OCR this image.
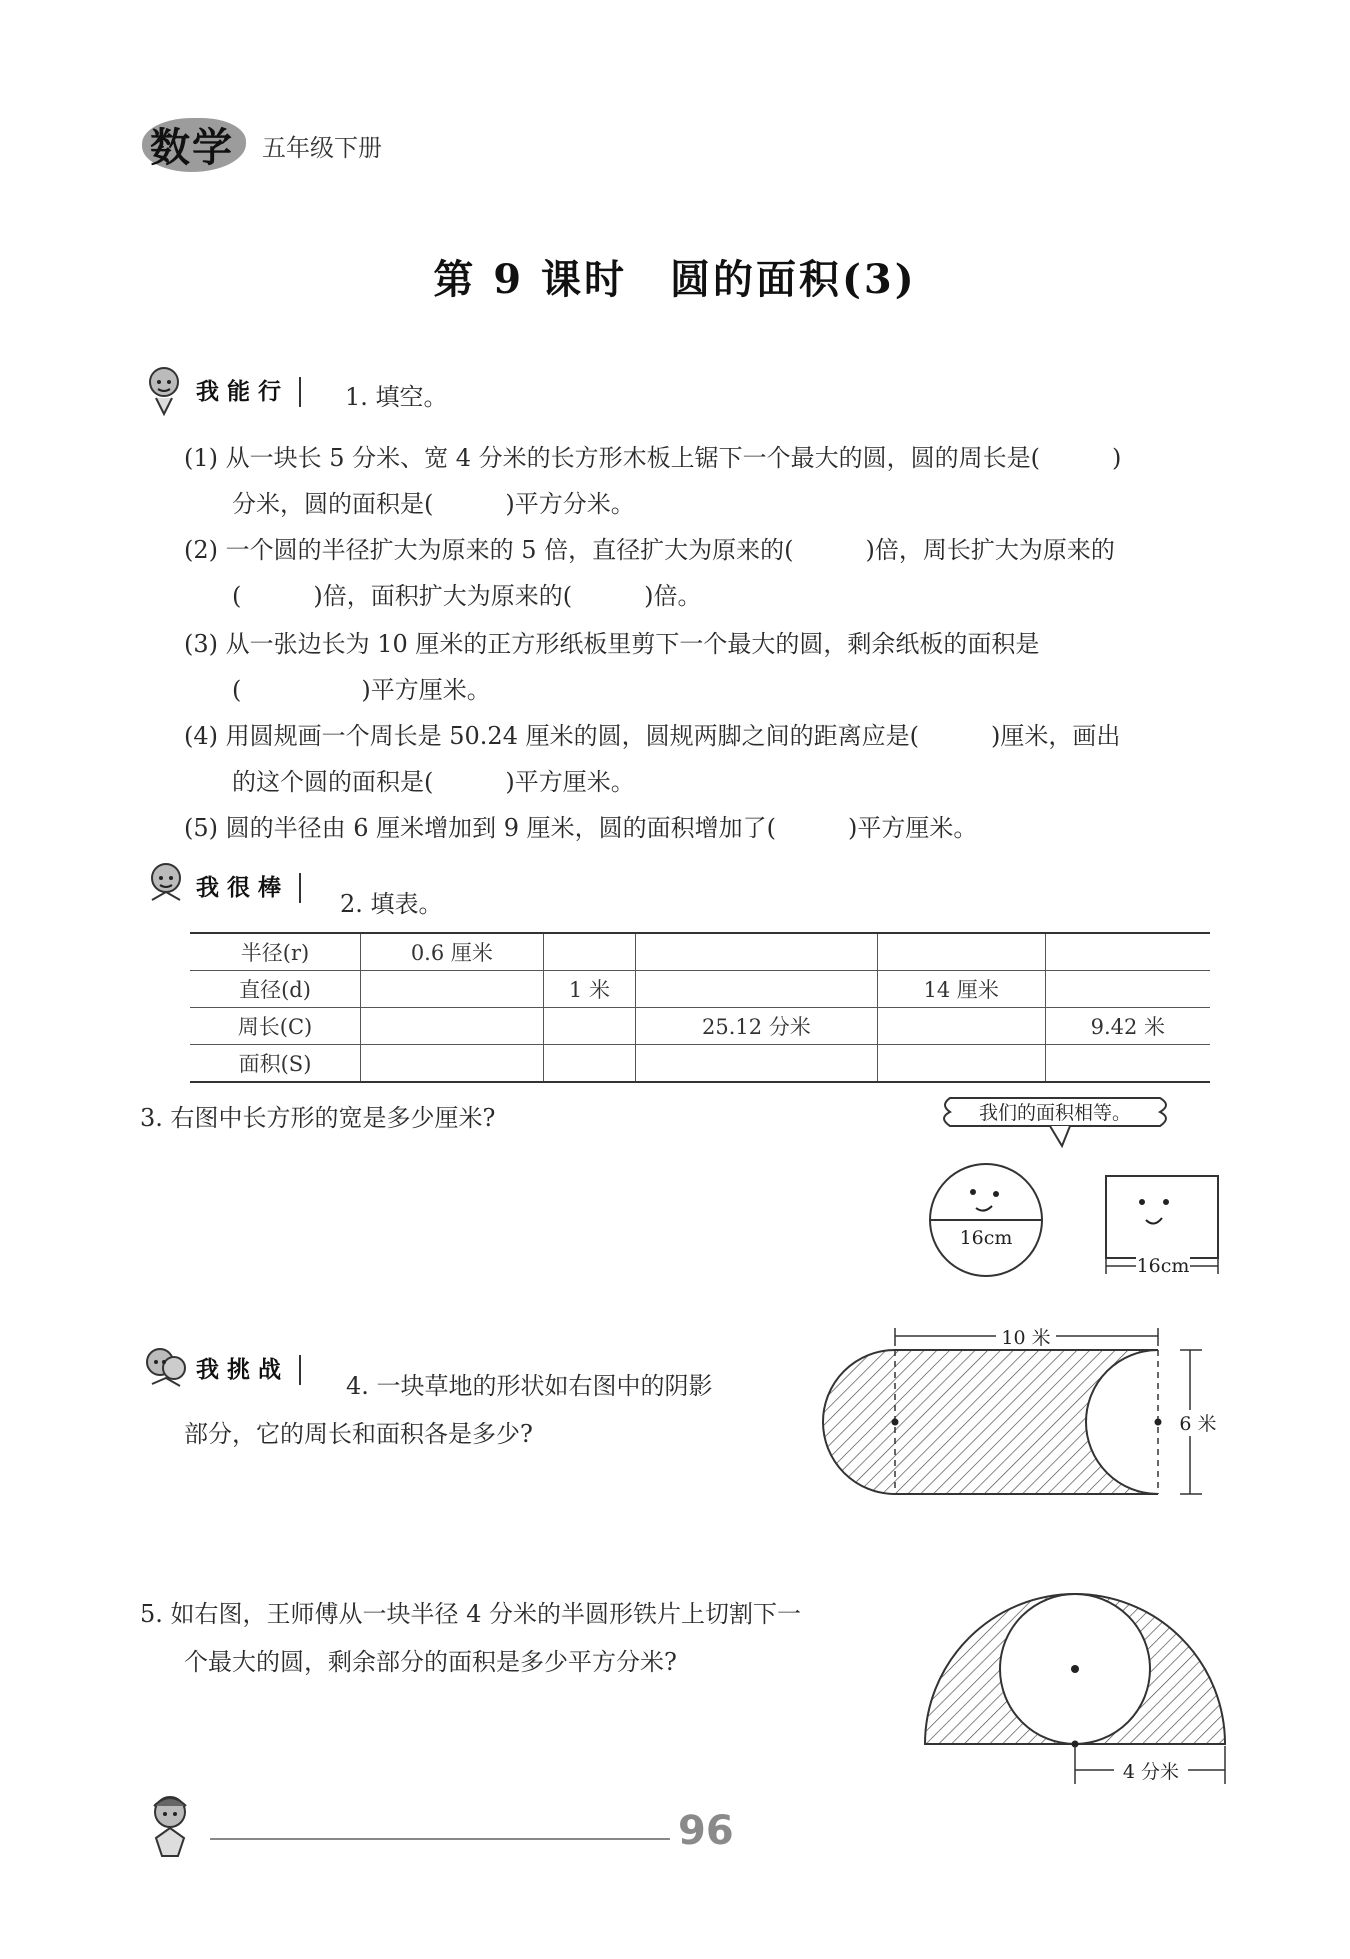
数学 五年级下册
第 9 课时　圆的面积(3)
我能行	1. 填空。
(1) 从一块长 5 分米、宽 4 分米的长方形木板上锯下一个最大的圆，圆的周长是(　　　)
分米，圆的面积是(　　　)平方分米。
(2) 一个圆的半径扩大为原来的 5 倍，直径扩大为原来的(　　　)倍，周长扩大为原来的
(　　　)倍，面积扩大为原来的(　　　)倍。
(3) 从一张边长为 10 厘米的正方形纸板里剪下一个最大的圆，剩余纸板的面积是
(　　　　　)平方厘米。
(4) 用圆规画一个周长是 50.24 厘米的圆，圆规两脚之间的距离应是(　　　)厘米，画出
的这个圆的面积是(　　　)平方厘米。
(5) 圆的半径由 6 厘米增加到 9 厘米，圆的面积增加了(　　　)平方厘米。
我很棒
2. 填表。
半径(r)	0.6 厘米				
直径(d)		1 米		14 厘米	
周长(C)			25.12 分米		9.42 米
面积(S)					
3. 右图中长方形的宽是多少厘米?	我们的面积相等。
16cm
16cm
我挑战
4. 一块草地的形状如右图中的阴影
部分，它的周长和面积各是多少?
10 米
6 米
5. 如右图，王师傅从一块半径 4 分米的半圆形铁片上切割下一
个最大的圆，剩余部分的面积是多少平方分米?
4 分米
96
